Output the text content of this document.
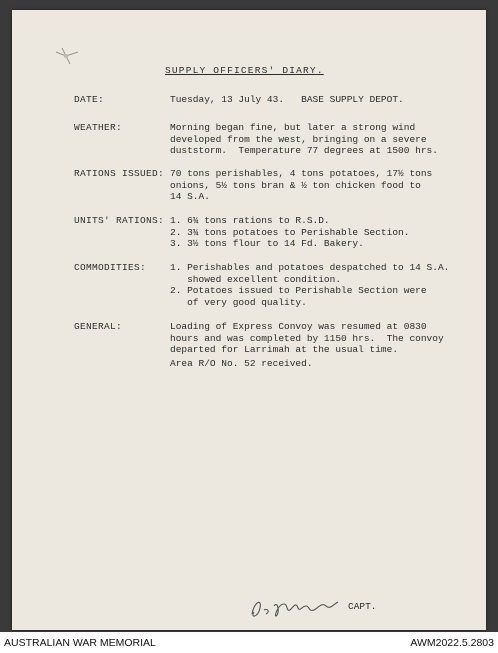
SUPPLY OFFICERS' DIARY.
DATE:	Tuesday, 13 July 43.   BASE SUPPLY DEPOT.
WEATHER:	Morning began fine, but later a strong wind
developed from the west, bringing on a severe
duststorm.  Temperature 77 degrees at 1500 hrs.
RATIONS ISSUED: 70 tons perishables, 4 tons potatoes, 17½ tons
onions, 5½ tons bran & ½ ton chicken food to
14 S.A.
UNITS' RATIONS: 1. 6¾ tons rations to R.S.D.
2. 3¾ tons potatoes to Perishable Section.
3. 3½ tons flour to 14 Fd. Bakery.
COMMODITIES:	1. Perishables and potatoes despatched to 14 S.A.
showed excellent condition.
2. Potatoes issued to Perishable Section were
of very good quality.
GENERAL:	Loading of Express Convoy was resumed at 0830
hours and was completed by 1150 hrs.  The convoy
departed for Larrimah at the usual time.
Area R/O No. 52 received.
CAPT.
AUSTRALIAN WAR MEMORIAL	AWM2022.5.2803
